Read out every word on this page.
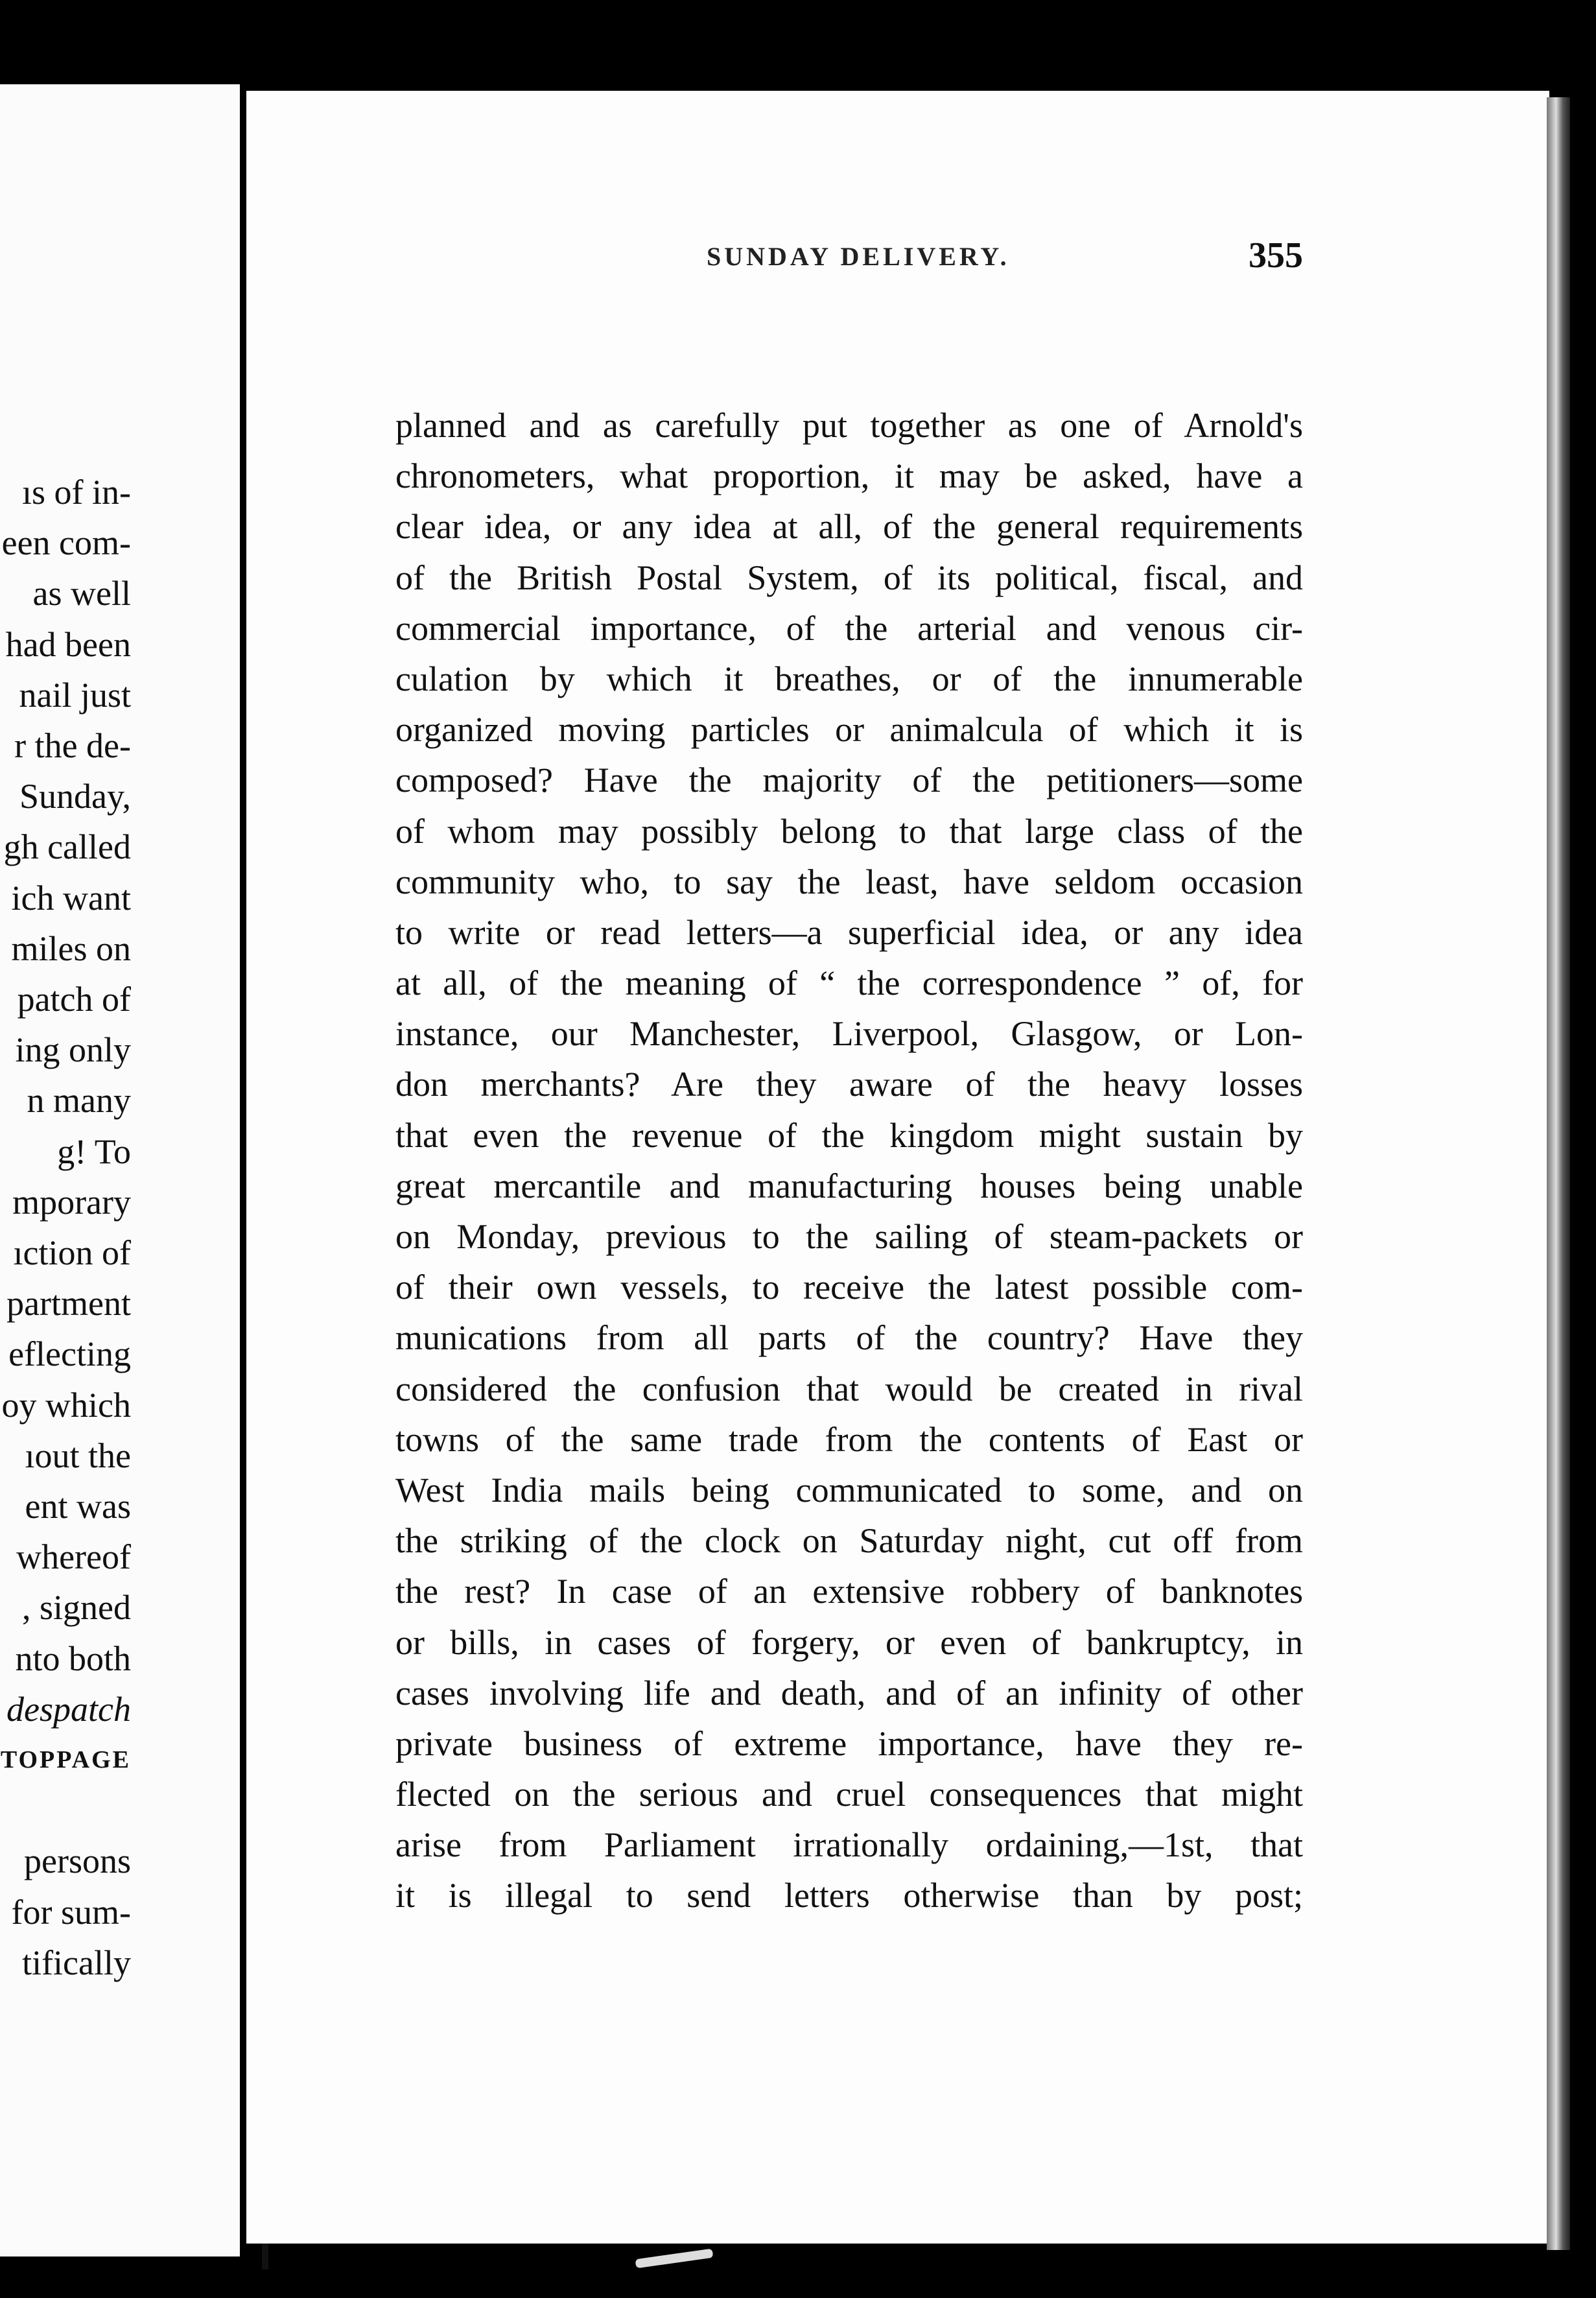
ıs of in-
een com-
as well
had been
nail just
r the de-
Sunday,
gh called
ich want
miles on
patch of
ing only
n many
g! To
mporary
ıction of
partment
eflecting
oy which
ıout the
ent was
whereof
, signed
nto both
despatch
TOPPAGE

persons
for sum-
tifically
SUNDAY DELIVERY.	355
planned and as carefully put together as one of Arnold's
chronometers, what proportion, it may be asked, have a
clear idea, or any idea at all, of the general requirements
of the British Postal System, of its political, fiscal, and
commercial importance, of the arterial and venous cir-
culation by which it breathes, or of the innumerable
organized moving particles or animalcula of which it is
composed? Have the majority of the petitioners—some
of whom may possibly belong to that large class of the
community who, to say the least, have seldom occasion
to write or read letters—a superficial idea, or any idea
at all, of the meaning of “ the correspondence ” of, for
instance, our Manchester, Liverpool, Glasgow, or Lon-
don merchants? Are they aware of the heavy losses
that even the revenue of the kingdom might sustain by
great mercantile and manufacturing houses being unable
on Monday, previous to the sailing of steam-packets or
of their own vessels, to receive the latest possible com-
munications from all parts of the country? Have they
considered the confusion that would be created in rival
towns of the same trade from the contents of East or
West India mails being communicated to some, and on
the striking of the clock on Saturday night, cut off from
the rest? In case of an extensive robbery of banknotes
or bills, in cases of forgery, or even of bankruptcy, in
cases involving life and death, and of an infinity of other
private business of extreme importance, have they re-
flected on the serious and cruel consequences that might
arise from Parliament irrationally ordaining,—1st, that
it is illegal to send letters otherwise than by post;
